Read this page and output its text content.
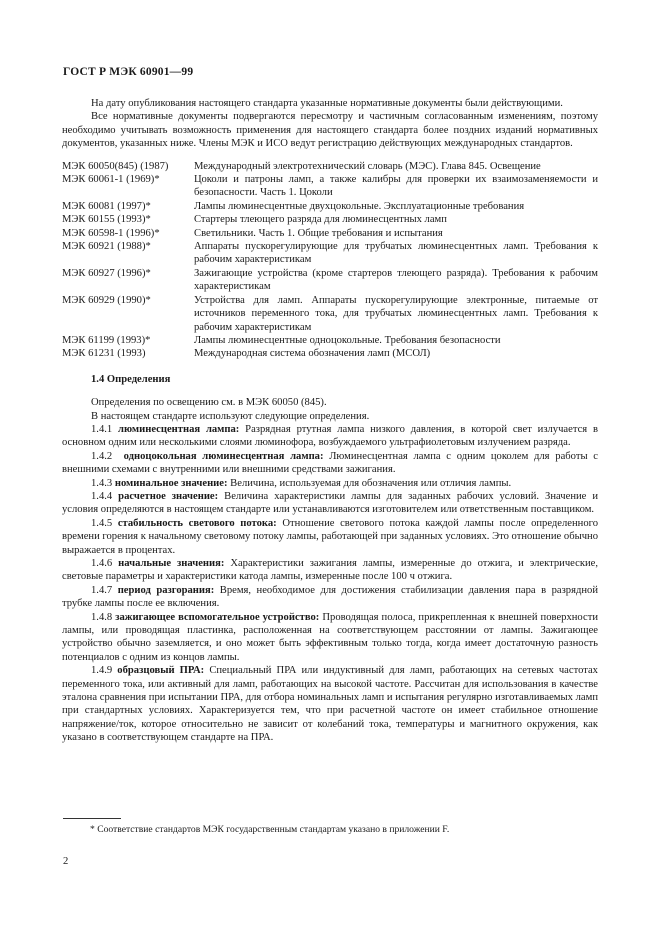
ГОСТ Р МЭК 60901—99

На дату опубликования настоящего стандарта указанные нормативные документы были действующими.

Все нормативные документы подвергаются пересмотру и частичным согласованным изменениям, поэтому необходимо учитывать возможность применения для настоящего стандарта более поздних изданий нормативных документов, указанных ниже. Члены МЭК и ИСО ведут регистрацию действующих международных стандартов.

МЭК 60050(845) (1987)	Международный электротехнический словарь (МЭС). Глава 845. Освещение
МЭК 60061-1 (1969)*	Цоколи и патроны ламп, а также калибры для проверки их взаимозаменяемости и безопасности. Часть 1. Цоколи
МЭК 60081 (1997)*	Лампы люминесцентные двухцокольные. Эксплуатационные требования
МЭК 60155 (1993)*	Стартеры тлеющего разряда для люминесцентных ламп
МЭК 60598-1 (1996)*	Светильники. Часть 1. Общие требования и испытания
МЭК 60921 (1988)*	Аппараты пускорегулирующие для трубчатых люминесцентных ламп. Требования к рабочим характеристикам
МЭК 60927 (1996)*	Зажигающие устройства (кроме стартеров тлеющего разряда). Требования к рабочим характеристикам
МЭК 60929 (1990)*	Устройства для ламп. Аппараты пускорегулирующие электронные, питаемые от источников переменного тока, для трубчатых люминесцентных ламп. Требования к рабочим характеристикам
МЭК 61199 (1993)*	Лампы люминесцентные одноцокольные. Требования безопасности
МЭК 61231 (1993)	Международная система обозначения ламп (МСОЛ)
1.4 Определения

Определения по освещению см. в МЭК 60050 (845).

В настоящем стандарте используют следующие определения.

1.4.1 люминесцентная лампа: Разрядная ртутная лампа низкого давления, в которой свет излучается в основном одним или несколькими слоями люминофора, возбуждаемого ультрафиолетовым излучением разряда.

1.4.2 одноцокольная люминесцентная лампа: Люминесцентная лампа с одним цоколем для работы с внешними схемами с внутренними или внешними средствами зажигания.

1.4.3 номинальное значение: Величина, используемая для обозначения или отличия лампы.

1.4.4 расчетное значение: Величина характеристики лампы для заданных рабочих условий. Значение и условия определяются в настоящем стандарте или устанавливаются изготовителем или ответственным поставщиком.

1.4.5 стабильность светового потока: Отношение светового потока каждой лампы после определенного времени горения к начальному световому потоку лампы, работающей при заданных условиях. Это отношение обычно выражается в процентах.

1.4.6 начальные значения: Характеристики зажигания лампы, измеренные до отжига, и электрические, световые параметры и характеристики катода лампы, измеренные после 100 ч отжига.

1.4.7 период разгорания: Время, необходимое для достижения стабилизации давления пара в разрядной трубке лампы после ее включения.

1.4.8 зажигающее вспомогательное устройство: Проводящая полоса, прикрепленная к внешней поверхности лампы, или проводящая пластинка, расположенная на соответствующем расстоянии от лампы. Зажигающее устройство обычно заземляется, и оно может быть эффективным только тогда, когда имеет достаточную разность потенциалов с одним из концов лампы.

1.4.9 образцовый ПРА: Специальный ПРА или индуктивный для ламп, работающих на сетевых частотах переменного тока, или активный для ламп, работающих на высокой частоте. Рассчитан для использования в качестве эталона сравнения при испытании ПРА, для отбора номинальных ламп и испытания регулярно изготавливаемых ламп при стандартных условиях. Характеризуется тем, что при расчетной частоте он имеет стабильное отношение напряжение/ток, которое относительно не зависит от колебаний тока, температуры и магнитного окружения, как указано в соответствующем стандарте на ПРА.

* Соответствие стандартов МЭК государственным стандартам указано в приложении F.
2
